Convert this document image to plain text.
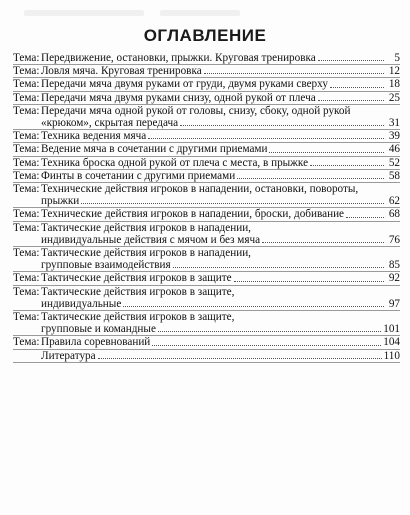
ОГЛАВЛЕНИЕ
Тема: Передвижение, остановки, прыжки. Круговая тренировка	5
Тема: Ловля мяча. Круговая тренировка	12
Тема: Передачи мяча двумя руками от груди, двумя руками сверху	18
Тема: Передачи мяча двумя руками снизу, одной рукой от плеча	25
Тема: Передачи мяча одной рукой от головы, снизу, сбоку, одной рукой
«крюком», скрытая передача	31
Тема: Техника ведения мяча	39
Тема: Ведение мяча в сочетании с другими приемами	46
Тема: Техника броска одной рукой от плеча с места, в прыжке	52
Тема: Финты в сочетании с другими приемами	58
Тема: Технические действия игроков в нападении, остановки, повороты,
прыжки	62
Тема: Технические действия игроков в нападении, броски, добивание	68
Тема: Тактические действия игроков в нападении,
индивидуальные действия с мячом и без мяча	76
Тема: Тактические действия игроков в нападении,
групповые взаимодействия	85
Тема: Тактические действия игроков в защите	92
Тема: Тактические действия игроков в защите,
индивидуальные	97
Тема: Тактические действия игроков в защите,
групповые и командные	101
Тема: Правила соревнований	104
Литература	110
